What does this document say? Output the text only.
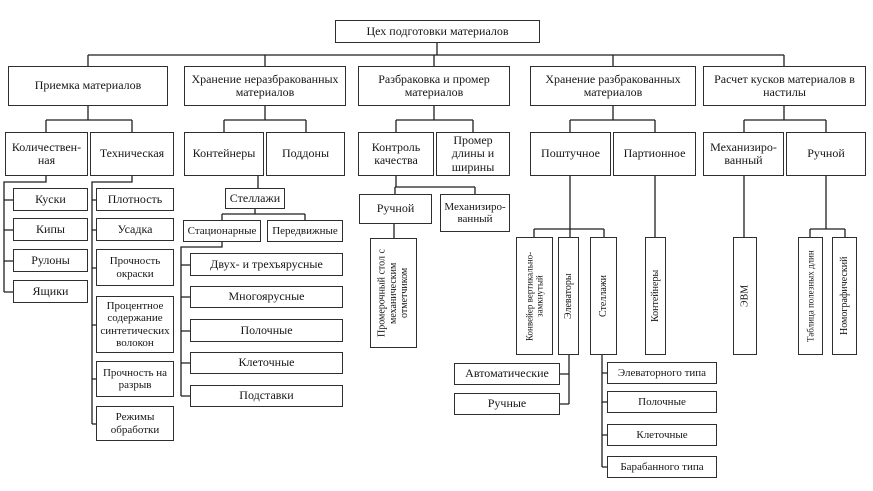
Цех подготовки материалов
Приемка материалов	Хранение неразбракованных материалов
Разбраковка и промер материалов
Хранение разбракованных материалов
Расчет кусков материалов в настилы
Количествен-ная	Техническая	Контейнеры	Поддоны	Контроль качества
Промер длины и ширины
Поштучное	Партионное	Механизиро-ванный	Ручной
Куски
Кипы
Рулоны
Ящики
Плотность
Усадка
Прочность окраски
Процентное содержание синтетических волокон
Прочность на разрыв
Режимы обработки
Стеллажи
Стационарные	Передвижные
Двух- и трехъярусные
Многоярусные
Полочные
Клеточные
Подставки
Ручной	Механизиро-ванный
Промерочный стол с механическим отметчиком	Конвейер вертикально-замкнутый	Элеваторы	Стеллажи	Контейнеры
Автоматические
Ручные
Элеваторного типа
Полочные
Клеточные
Барабанного типа
ЭВМ	Таблица полезных длин	Номографический
